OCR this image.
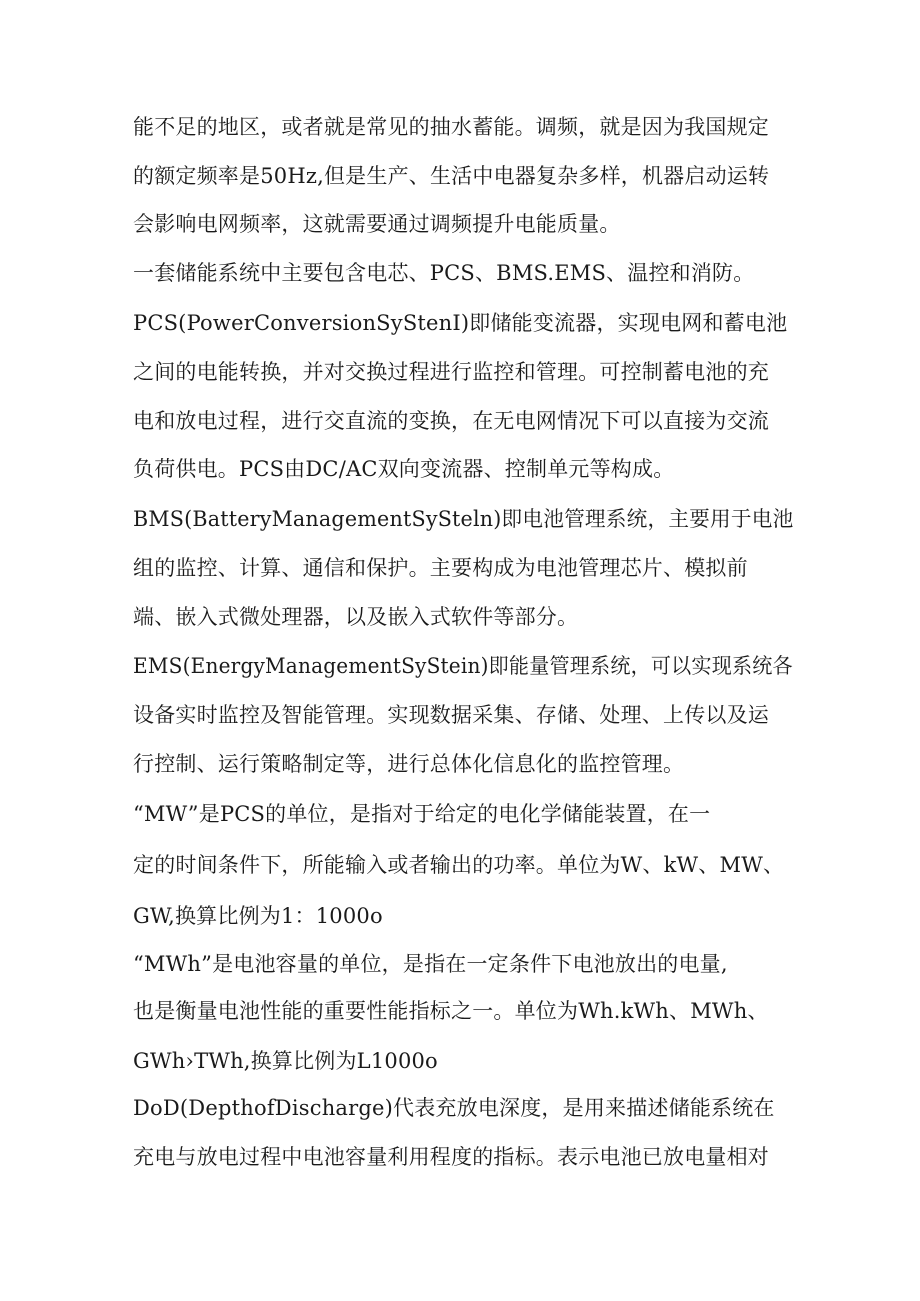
能不足的地区，或者就是常见的抽水蓄能。调频，就是因为我国规定
的额定频率是50Hz,但是生产、生活中电器复杂多样，机器启动运转
会影响电网频率，这就需要通过调频提升电能质量。
一套储能系统中主要包含电芯、PCS、BMS.EMS、温控和消防。
PCS(PowerConversionSyStenI)即储能变流器，实现电网和蓄电池
之间的电能转换，并对交换过程进行监控和管理。可控制蓄电池的充
电和放电过程，进行交直流的变换，在无电网情况下可以直接为交流
负荷供电。PCS由DC/AC双向变流器、控制单元等构成。
BMS(BatteryManagementSySteln)即电池管理系统，主要用于电池
组的监控、计算、通信和保护。主要构成为电池管理芯片、模拟前
端、嵌入式微处理器，以及嵌入式软件等部分。
EMS(EnergyManagementSyStein)即能量管理系统，可以实现系统各
设备实时监控及智能管理。实现数据采集、存储、处理、上传以及运
行控制、运行策略制定等，进行总体化信息化的监控管理。
“MW”是PCS的单位，是指对于给定的电化学储能装置，在一
定的时间条件下，所能输入或者输出的功率。单位为W、kW、MW、
GW,换算比例为1：1000o
“MWh”是电池容量的单位，是指在一定条件下电池放出的电量,
也是衡量电池性能的重要性能指标之一。单位为Wh.kWh、MWh、
GWh›TWh,换算比例为L1000o
DoD(DepthofDischarge)代表充放电深度，是用来描述储能系统在
充电与放电过程中电池容量利用程度的指标。表示电池已放电量相对
